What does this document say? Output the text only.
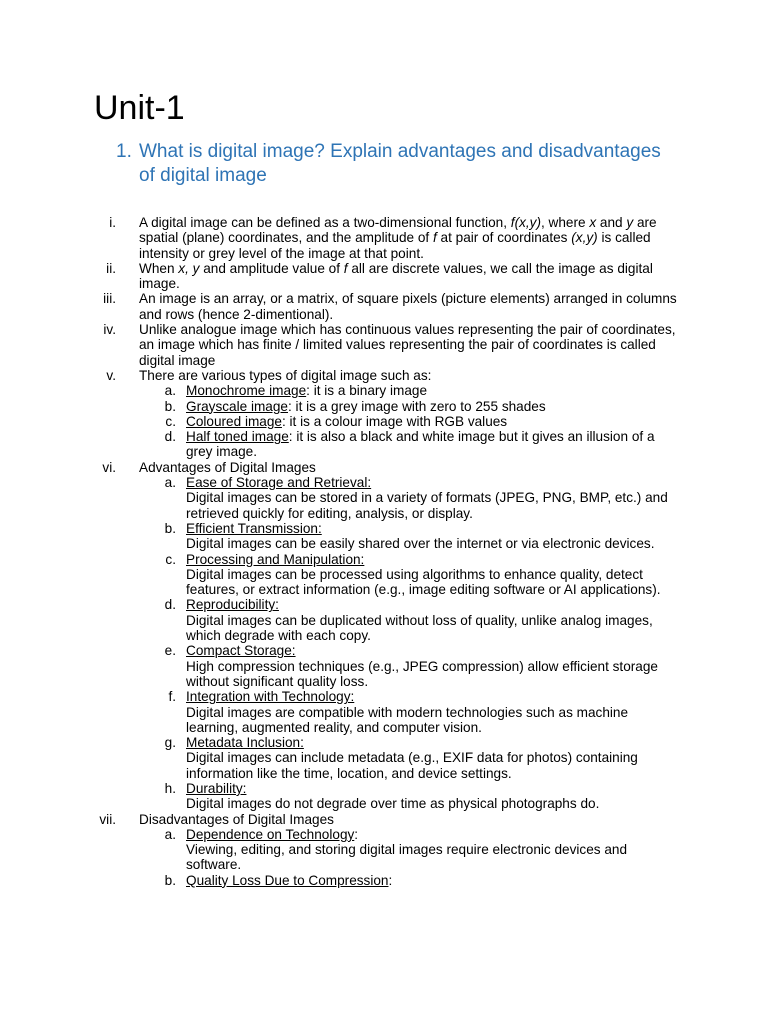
Unit-1
1. What is digital image? Explain advantages and disadvantages of digital image
i. A digital image can be defined as a two-dimensional function, f(x,y), where x and y are spatial (plane) coordinates, and the amplitude of f at pair of coordinates (x,y) is called intensity or grey level of the image at that point.
ii. When x, y and amplitude value of f all are discrete values, we call the image as digital image.
iii. An image is an array, or a matrix, of square pixels (picture elements) arranged in columns and rows (hence 2-dimentional).
iv. Unlike analogue image which has continuous values representing the pair of coordinates, an image which has finite / limited values representing the pair of coordinates is called digital image
v. There are various types of digital image such as:
a. Monochrome image: it is a binary image
b. Grayscale image: it is a grey image with zero to 255 shades
c. Coloured image: it is a colour image with RGB values
d. Half toned image: it is also a black and white image but it gives an illusion of a grey image.
vi. Advantages of Digital Images
a. Ease of Storage and Retrieval:
Digital images can be stored in a variety of formats (JPEG, PNG, BMP, etc.) and retrieved quickly for editing, analysis, or display.
b. Efficient Transmission:
Digital images can be easily shared over the internet or via electronic devices.
c. Processing and Manipulation:
Digital images can be processed using algorithms to enhance quality, detect features, or extract information (e.g., image editing software or AI applications).
d. Reproducibility:
Digital images can be duplicated without loss of quality, unlike analog images, which degrade with each copy.
e. Compact Storage:
High compression techniques (e.g., JPEG compression) allow efficient storage without significant quality loss.
f. Integration with Technology:
Digital images are compatible with modern technologies such as machine learning, augmented reality, and computer vision.
g. Metadata Inclusion:
Digital images can include metadata (e.g., EXIF data for photos) containing information like the time, location, and device settings.
h. Durability:
Digital images do not degrade over time as physical photographs do.
vii. Disadvantages of Digital Images
a. Dependence on Technology:
Viewing, editing, and storing digital images require electronic devices and software.
b. Quality Loss Due to Compression:
